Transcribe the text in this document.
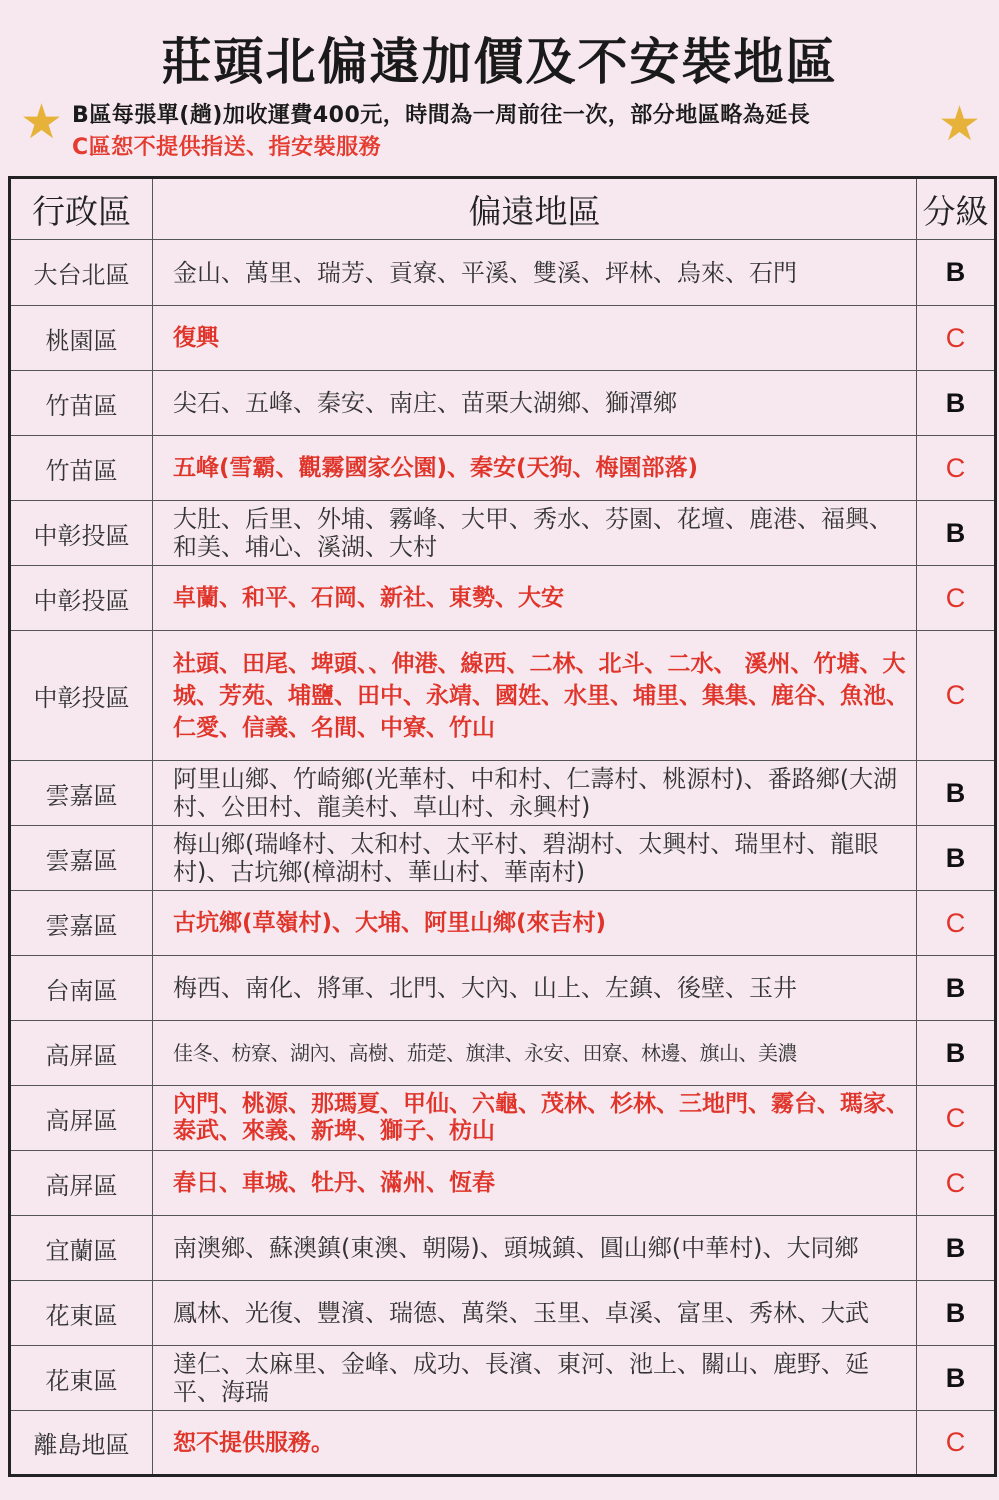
莊頭北偏遠加價及不安裝地區
★	★
B區每張單(趟)加收運費400元，時間為一周前往一次，部分地區略為延長
C區恕不提供指送、指安裝服務
行政區	偏遠地區	分級
大台北區	金山、萬里、瑞芳、貢寮、平溪、雙溪、坪林、烏來、石門	B
桃園區	復興	C
竹苗區	尖石、五峰、秦安、南庄、苗栗大湖鄉、獅潭鄉	B
竹苗區	五峰(雪霸、觀霧國家公園)、秦安(天狗、梅園部落)	C
中彰投區	大肚、后里、外埔、霧峰、大甲、秀水、芬園、花壇、鹿港、福興、和美、埔心、溪湖、大村	B
中彰投區	卓蘭、和平、石岡、新社、東勢、大安	C
中彰投區	社頭、田尾、埤頭、、伸港、線西、二林、北斗、二水、 溪州、竹塘、大城、芳苑、埔鹽、田中、永靖、國姓、水里、埔里、集集、鹿谷、魚池、仁愛、信義、名間、中寮、竹山	C
雲嘉區	阿里山鄉、竹崎鄉(光華村、中和村、仁壽村、桃源村)、番路鄉(大湖村、公田村、龍美村、草山村、永興村)	B
雲嘉區	梅山鄉(瑞峰村、太和村、太平村、碧湖村、太興村、瑞里村、龍眼村)、古坑鄉(樟湖村、華山村、華南村)	B
雲嘉區	古坑鄉(草嶺村)、大埔、阿里山鄉(來吉村)	C
台南區	梅西、南化、將軍、北門、大內、山上、左鎮、後壁、玉井	B
高屏區	佳冬、枋寮、湖內、高樹、茄萣、旗津、永安、田寮、林邊、旗山、美濃	B
高屏區	內門、桃源、那瑪夏、甲仙、六龜、茂林、杉林、三地門、霧台、瑪家、泰武、來義、新埤、獅子、枋山	C
高屏區	春日、車城、牡丹、滿州、恆春	C
宜蘭區	南澳鄉、蘇澳鎮(東澳、朝陽)、頭城鎮、圓山鄉(中華村)、大同鄉	B
花東區	鳳林、光復、豐濱、瑞德、萬榮、玉里、卓溪、富里、秀林、大武	B
花東區	達仁、太麻里、金峰、成功、長濱、東河、池上、關山、鹿野、延平、海瑞	B
離島地區	恕不提供服務。	C
